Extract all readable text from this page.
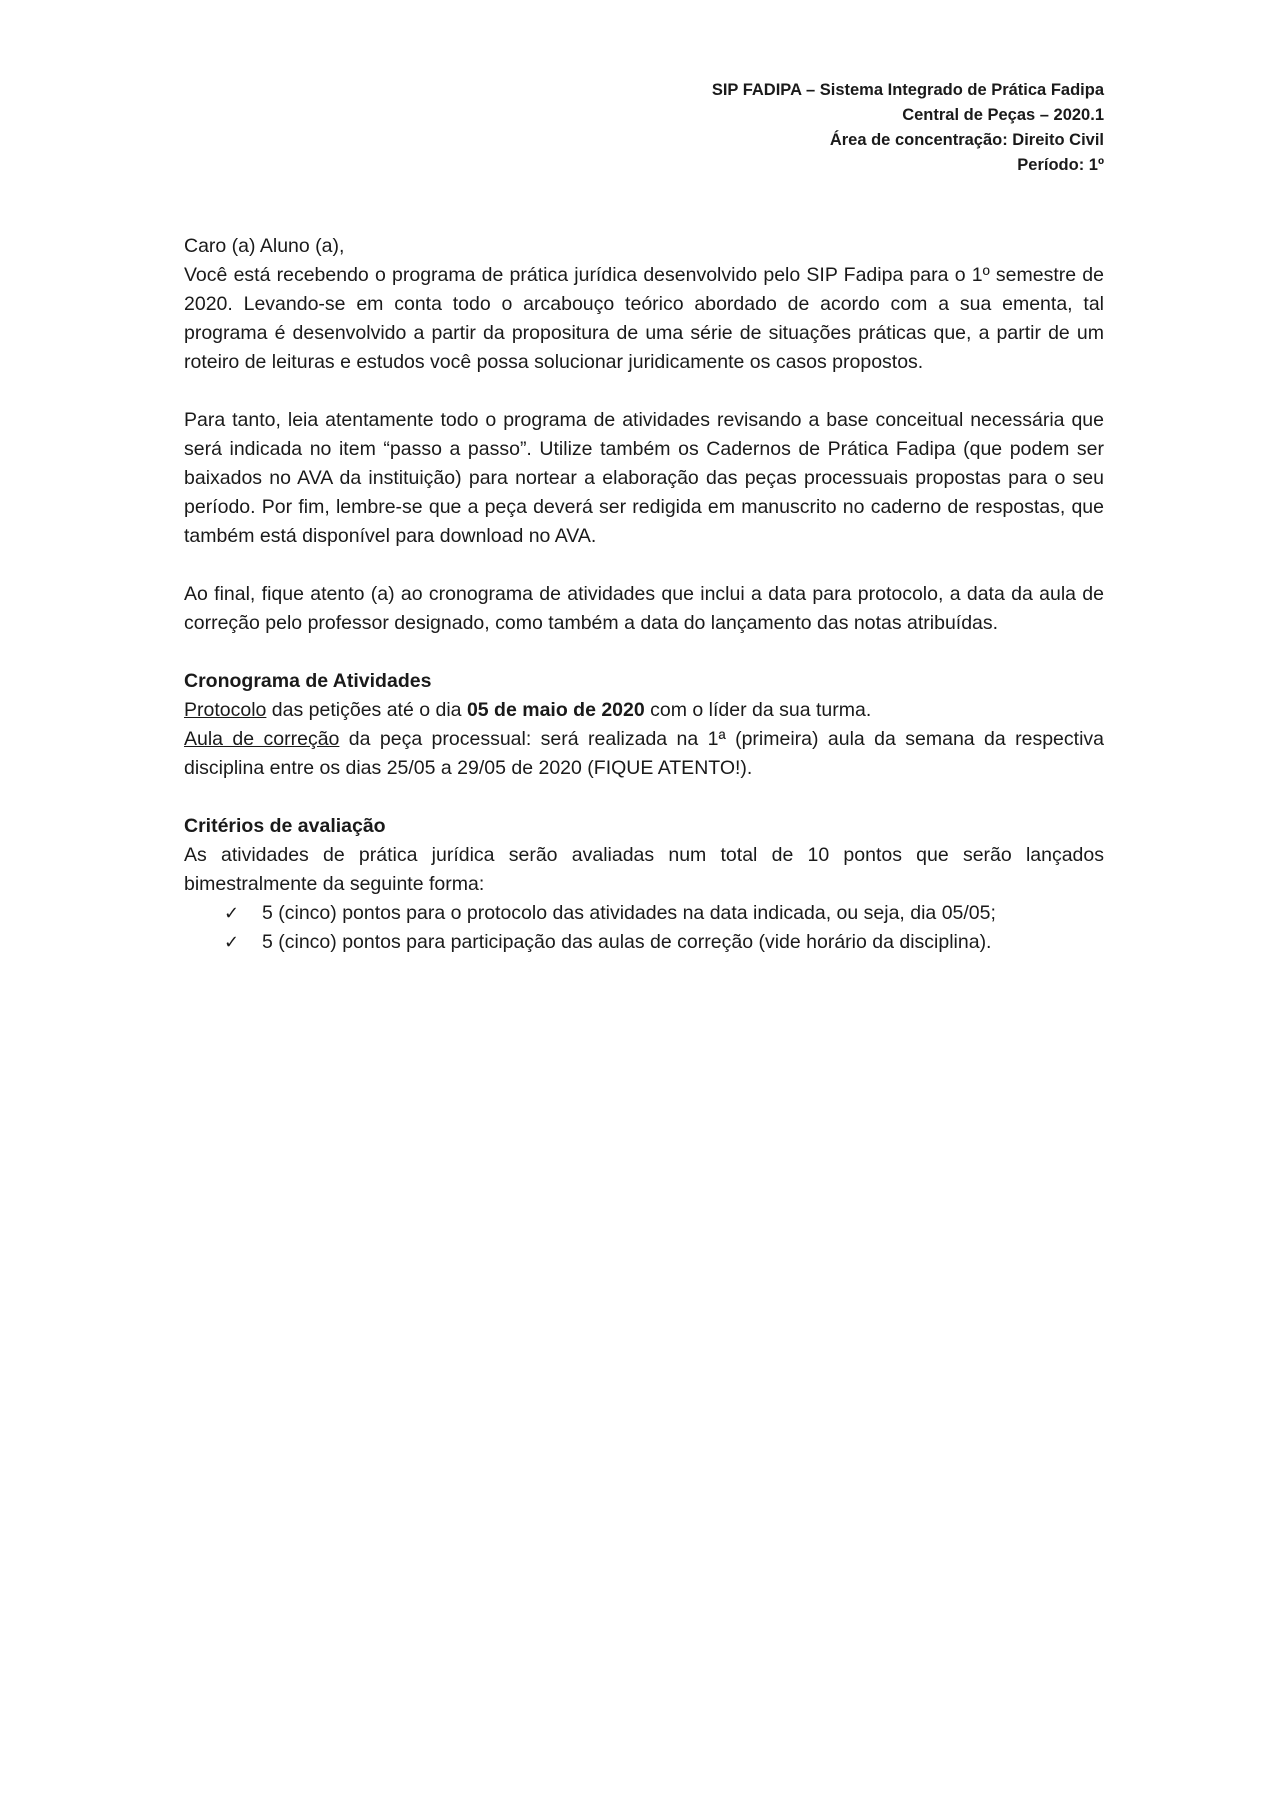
SIP FADIPA – Sistema Integrado de Prática Fadipa
Central de Peças – 2020.1
Área de concentração: Direito Civil
Período: 1º

Caro (a) Aluno (a),

Você está recebendo o programa de prática jurídica desenvolvido pelo SIP Fadipa para o 1º semestre de 2020. Levando-se em conta todo o arcabouço teórico abordado de acordo com a sua ementa, tal programa é desenvolvido a partir da propositura de uma série de situações práticas que, a partir de um roteiro de leituras e estudos você possa solucionar juridicamente os casos propostos.

Para tanto, leia atentamente todo o programa de atividades revisando a base conceitual necessária que será indicada no item “passo a passo”. Utilize também os Cadernos de Prática Fadipa (que podem ser baixados no AVA da instituição) para nortear a elaboração das peças processuais propostas para o seu período. Por fim, lembre-se que a peça deverá ser redigida em manuscrito no caderno de respostas, que também está disponível para download no AVA.

Ao final, fique atento (a) ao cronograma de atividades que inclui a data para protocolo, a data da aula de correção pelo professor designado, como também a data do lançamento das notas atribuídas.

Cronograma de Atividades

Protocolo das petições até o dia 05 de maio de 2020 com o líder da sua turma.

Aula de correção da peça processual: será realizada na 1ª (primeira) aula da semana da respectiva disciplina entre os dias 25/05 a 29/05 de 2020 (FIQUE ATENTO!).

Critérios de avaliação

As atividades de prática jurídica serão avaliadas num total de 10 pontos que serão lançados bimestralmente da seguinte forma:

✓ 5 (cinco) pontos para o protocolo das atividades na data indicada, ou seja, dia 05/05;
✓ 5 (cinco) pontos para participação das aulas de correção (vide horário da disciplina).
